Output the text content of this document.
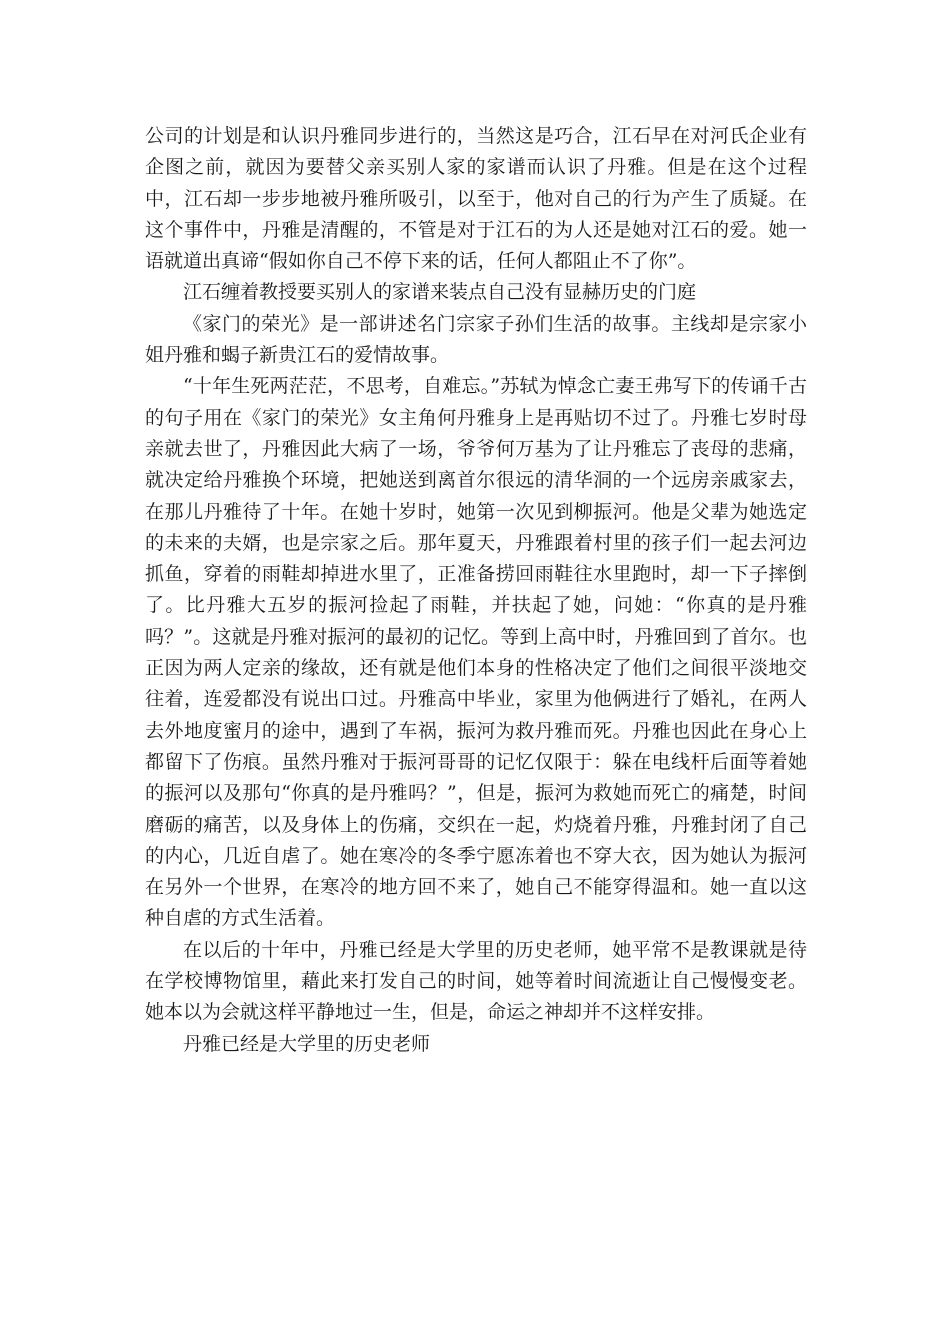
公司的计划是和认识丹雅同步进行的，当然这是巧合，江石早在对河氏企业有企图之前，就因为要替父亲买别人家的家谱而认识了丹雅。但是在这个过程中，江石却一步步地被丹雅所吸引，以至于，他对自己的行为产生了质疑。在这个事件中，丹雅是清醒的，不管是对于江石的为人还是她对江石的爱。她一语就道出真谛“假如你自己不停下来的话，任何人都阻止不了你”。

江石缠着教授要买别人的家谱来装点自己没有显赫历史的门庭

《家门的荣光》是一部讲述名门宗家子孙们生活的故事。主线却是宗家小姐丹雅和蝎子新贵江石的爱情故事。

“十年生死两茫茫，不思考，自难忘。”苏轼为悼念亡妻王弗写下的传诵千古的句子用在《家门的荣光》女主角何丹雅身上是再贴切不过了。丹雅七岁时母亲就去世了，丹雅因此大病了一场，爷爷何万基为了让丹雅忘了丧母的悲痛，就决定给丹雅换个环境，把她送到离首尔很远的清华洞的一个远房亲戚家去，在那儿丹雅待了十年。在她十岁时，她第一次见到柳振河。他是父辈为她选定的未来的夫婿，也是宗家之后。那年夏天，丹雅跟着村里的孩子们一起去河边抓鱼，穿着的雨鞋却掉进水里了，正准备捞回雨鞋往水里跑时，却一下子摔倒了。比丹雅大五岁的振河捡起了雨鞋，并扶起了她，问她：“你真的是丹雅吗？”。这就是丹雅对振河的最初的记忆。等到上高中时，丹雅回到了首尔。也正因为两人定亲的缘故，还有就是他们本身的性格决定了他们之间很平淡地交往着，连爱都没有说出口过。丹雅高中毕业，家里为他俩进行了婚礼，在两人去外地度蜜月的途中，遇到了车祸，振河为救丹雅而死。丹雅也因此在身心上都留下了伤痕。虽然丹雅对于振河哥哥的记忆仅限于：躲在电线杆后面等着她的振河以及那句“你真的是丹雅吗？”，但是，振河为救她而死亡的痛楚，时间磨砺的痛苦，以及身体上的伤痛，交织在一起，灼烧着丹雅，丹雅封闭了自己的内心，几近自虐了。她在寒冷的冬季宁愿冻着也不穿大衣，因为她认为振河在另外一个世界，在寒冷的地方回不来了，她自己不能穿得温和。她一直以这种自虐的方式生活着。

在以后的十年中，丹雅已经是大学里的历史老师，她平常不是教课就是待在学校博物馆里，藉此来打发自己的时间，她等着时间流逝让自己慢慢变老。她本以为会就这样平静地过一生，但是，命运之神却并不这样安排。

丹雅已经是大学里的历史老师
